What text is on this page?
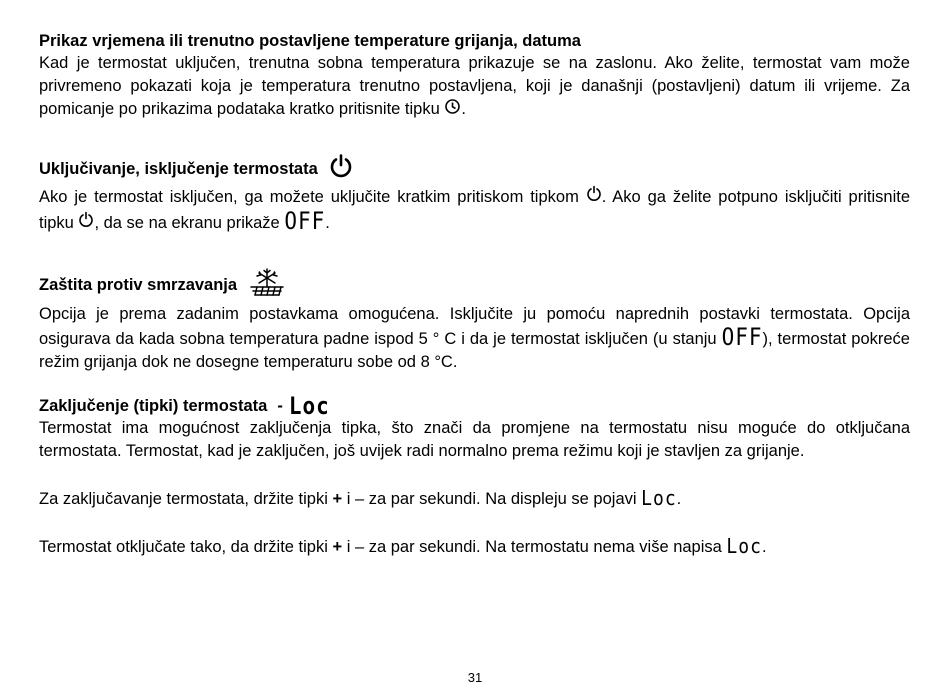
Prikaz vrjemena ili trenutno postavljene temperature grijanja, datuma

Kad je termostat uključen, trenutna sobna temperatura prikazuje se na zaslonu. Ako želite, termostat vam može privremeno pokazati koja je temperatura trenutno postavljena, koji je današnji (postavljeni) datum ili vrijeme. Za pomicanje po prikazima podataka kratko pritisnite tipku .

Uključivanje, isključenje termostata

Ako je termostat isključen, ga možete uključite kratkim pritiskom tipkom . Ako ga želite potpuno isključiti pritisnite tipku , da se na ekranu prikaže OFF.

Zaštita protiv smrzavanja

Opcija je prema zadanim postavkama omogućena. Isključite ju pomoću naprednih postavki termostata. Opcija osigurava da kada sobna temperatura padne ispod 5 ° C i da je termostat isključen (u stanju OFF), termostat pokreće režim grijanja dok ne dosegne temperaturu sobe od 8 °C.

Zaključenje (tipki) termostata - Loc

Termostat ima mogućnost zaključenja tipka, što znači da promjene na termostatu nisu moguće do otključana termostata. Termostat, kad je zaključen, još uvijek radi normalno prema režimu koji je stavljen za grijanje.

Za zaključavanje termostata, držite tipki + i – za par sekundi. Na displeju se pojavi Loc.

Termostat otključate tako, da držite tipki + i – za par sekundi. Na termostatu nema više napisa Loc.

31
